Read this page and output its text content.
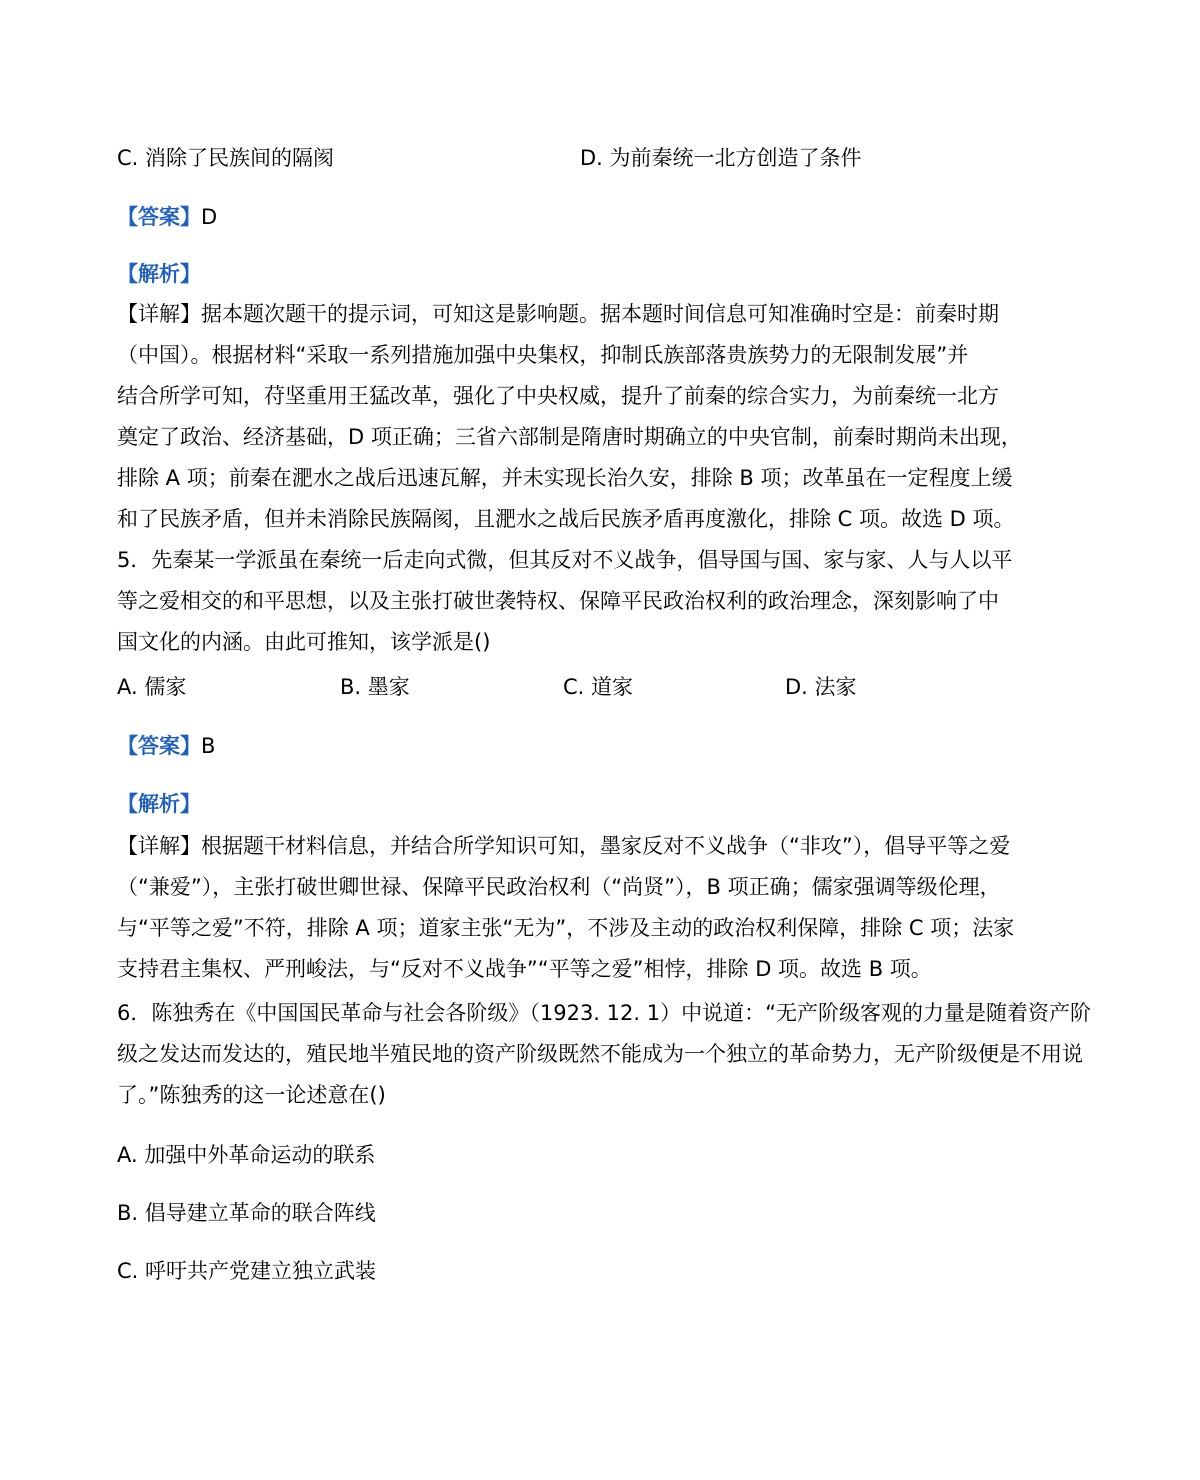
C. 消除了民族间的隔阂	D. 为前秦统一北方创造了条件
【答案】D
【解析】
【详解】据本题次题干的提示词，可知这是影响题。据本题时间信息可知准确时空是：前秦时期
（中国）。根据材料“采取一系列措施加强中央集权，抑制氐族部落贵族势力的无限制发展”并
结合所学可知，苻坚重用王猛改革，强化了中央权威，提升了前秦的综合实力，为前秦统一北方
奠定了政治、经济基础，D 项正确；三省六部制是隋唐时期确立的中央官制，前秦时期尚未出现，
排除 A 项；前秦在淝水之战后迅速瓦解，并未实现长治久安，排除 B 项；改革虽在一定程度上缓
和了民族矛盾，但并未消除民族隔阂，且淝水之战后民族矛盾再度激化，排除 C 项。故选 D 项。
5．先秦某一学派虽在秦统一后走向式微，但其反对不义战争，倡导国与国、家与家、人与人以平
等之爱相交的和平思想，以及主张打破世袭特权、保障平民政治权利的政治理念，深刻影响了中
国文化的内涵。由此可推知，该学派是()
A. 儒家	B. 墨家	C. 道家	D. 法家
【答案】B
【解析】
【详解】根据题干材料信息，并结合所学知识可知，墨家反对不义战争（“非攻”），倡导平等之爱
（“兼爱”），主张打破世卿世禄、保障平民政治权利（“尚贤”），B 项正确；儒家强调等级伦理，
与“平等之爱”不符，排除 A 项；道家主张“无为”，不涉及主动的政治权利保障，排除 C 项；法家
支持君主集权、严刑峻法，与“反对不义战争”“平等之爱”相悖，排除 D 项。故选 B 项。
6．陈独秀在《中国国民革命与社会各阶级》（1923. 12. 1）中说道：“无产阶级客观的力量是随着资产阶
级之发达而发达的，殖民地半殖民地的资产阶级既然不能成为一个独立的革命势力，无产阶级便是不用说
了。”陈独秀的这一论述意在()
A. 加强中外革命运动的联系
B. 倡导建立革命的联合阵线
C. 呼吁共产党建立独立武装
